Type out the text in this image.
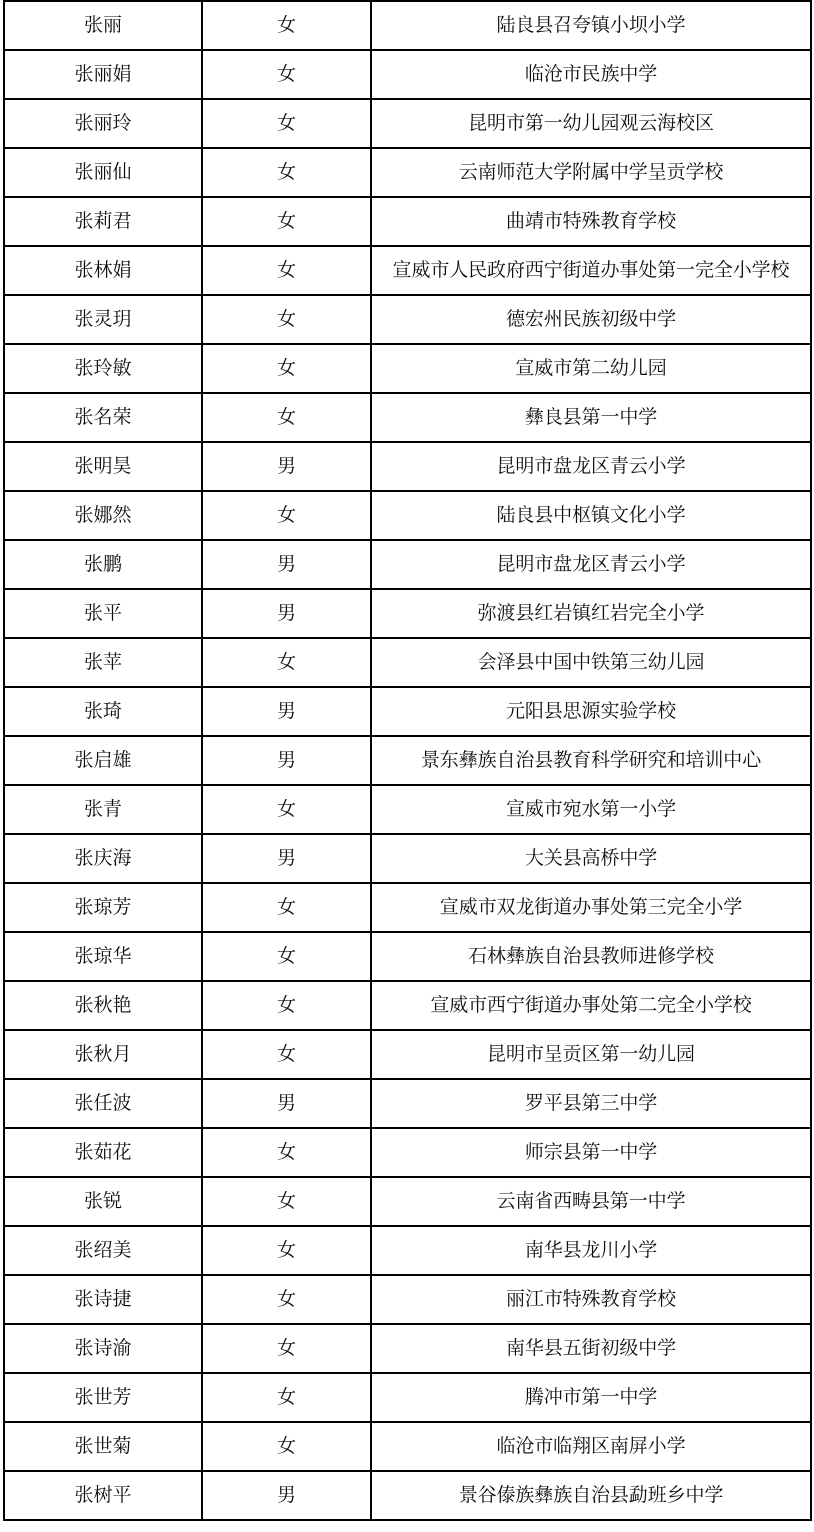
张丽	女	陆良县召夸镇小坝小学
张丽娟	女	临沧市民族中学
张丽玲	女	昆明市第一幼儿园观云海校区
张丽仙	女	云南师范大学附属中学呈贡学校
张莉君	女	曲靖市特殊教育学校
张林娟	女	宣威市人民政府西宁街道办事处第一完全小学校
张灵玥	女	德宏州民族初级中学
张玲敏	女	宣威市第二幼儿园
张名荣	女	彝良县第一中学
张明昊	男	昆明市盘龙区青云小学
张娜然	女	陆良县中枢镇文化小学
张鹏	男	昆明市盘龙区青云小学
张平	男	弥渡县红岩镇红岩完全小学
张苹	女	会泽县中国中铁第三幼儿园
张琦	男	元阳县思源实验学校
张启雄	男	景东彝族自治县教育科学研究和培训中心
张青	女	宣威市宛水第一小学
张庆海	男	大关县高桥中学
张琼芳	女	宣威市双龙街道办事处第三完全小学
张琼华	女	石林彝族自治县教师进修学校
张秋艳	女	宣威市西宁街道办事处第二完全小学校
张秋月	女	昆明市呈贡区第一幼儿园
张任波	男	罗平县第三中学
张茹花	女	师宗县第一中学
张锐	女	云南省西畴县第一中学
张绍美	女	南华县龙川小学
张诗捷	女	丽江市特殊教育学校
张诗渝	女	南华县五街初级中学
张世芳	女	腾冲市第一中学
张世菊	女	临沧市临翔区南屏小学
张树平	男	景谷傣族彝族自治县勐班乡中学
